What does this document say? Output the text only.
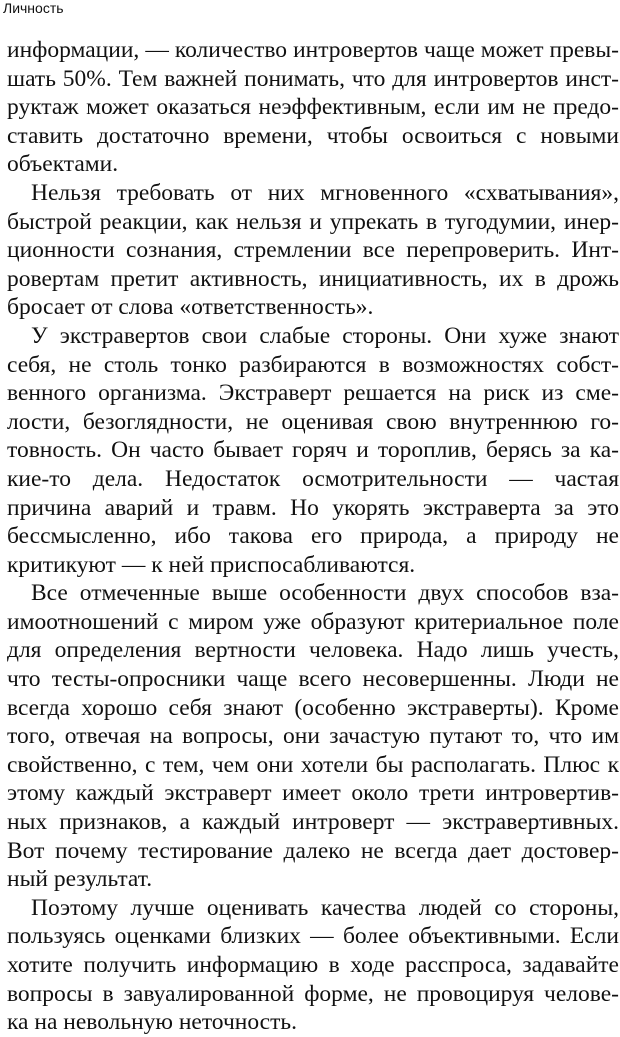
Личность
информации, — количество интровертов чаще может превы-
шать 50%. Тем важней понимать, что для интровертов инст-
руктаж может оказаться неэффективным, если им не предо-
ставить достаточно времени, чтобы освоиться с новыми
объектами.
Нельзя требовать от них мгновенного «схватывания»,
быстрой реакции, как нельзя и упрекать в тугодумии, инер-
ционности сознания, стремлении все перепроверить. Инт-
ровертам претит активность, инициативность, их в дрожь
бросает от слова «ответственность».
У экстравертов свои слабые стороны. Они хуже знают
себя, не столь тонко разбираются в возможностях собст-
венного организма. Экстраверт решается на риск из сме-
лости, безоглядности, не оценивая свою внутреннюю го-
товность. Он часто бывает горяч и тороплив, берясь за ка-
кие-то дела. Недостаток осмотрительности — частая
причина аварий и травм. Но укорять экстраверта за это
бессмысленно, ибо такова его природа, а природу не
критикуют — к ней приспосабливаются.
Все отмеченные выше особенности двух способов вза-
имоотношений с миром уже образуют критериальное поле
для определения вертности человека. Надо лишь учесть,
что тесты-опросники чаще всего несовершенны. Люди не
всегда хорошо себя знают (особенно экстраверты). Кроме
того, отвечая на вопросы, они зачастую путают то, что им
свойственно, с тем, чем они хотели бы располагать. Плюс к
этому каждый экстраверт имеет около трети интровертив-
ных признаков, а каждый интроверт — экстравертивных.
Вот почему тестирование далеко не всегда дает достовер-
ный результат.
Поэтому лучше оценивать качества людей со стороны,
пользуясь оценками близких — более объективными. Если
хотите получить информацию в ходе расспроса, задавайте
вопросы в завуалированной форме, не провоцируя челове-
ка на невольную неточность.
